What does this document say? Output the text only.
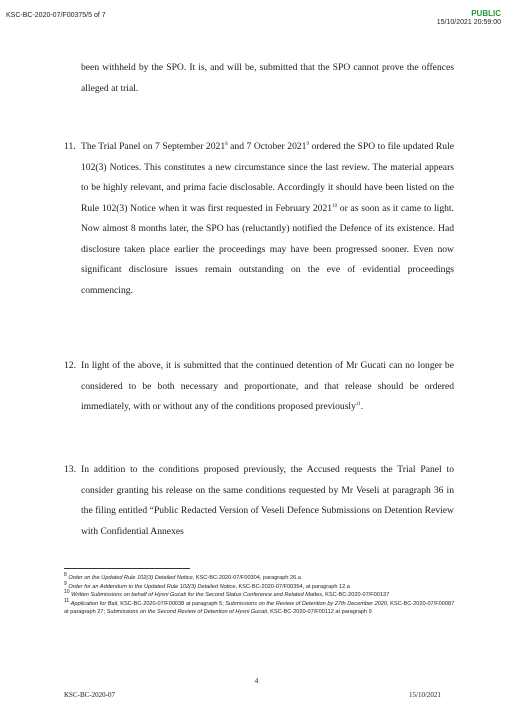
KSC-BC-2020-07/F00375/5 of 7	PUBLIC
15/10/2021 20:59:00
been withheld by the SPO. It is, and will be, submitted that the SPO cannot prove the offences alleged at trial.
11. The Trial Panel on 7 September 2021$^8$ and 7 October 2021$^9$ ordered the SPO to file updated Rule 102(3) Notices. This constitutes a new circumstance since the last review. The material appears to be highly relevant, and prima facie disclosable. Accordingly it should have been listed on the Rule 102(3) Notice when it was first requested in February 2021$^{10}$ or as soon as it came to light. Now almost 8 months later, the SPO has (reluctantly) notified the Defence of its existence. Had disclosure taken place earlier the proceedings may have been progressed sooner. Even now significant disclosure issues remain outstanding on the eve of evidential proceedings commencing.
12. In light of the above, it is submitted that the continued detention of Mr Gucati can no longer be considered to be both necessary and proportionate, and that release should be ordered immediately, with or without any of the conditions proposed previously$^{11}$.
13. In addition to the conditions proposed previously, the Accused requests the Trial Panel to consider granting his release on the same conditions requested by Mr Veseli at paragraph 36 in the filing entitled “Public Redacted Version of Veseli Defence Submissions on Detention Review with Confidential Annexes

$^8$ Order on the Updated Rule 102(3) Detailed Notice, KSC-BC-2020-07/F00304, paragraph 26.a

$^9$ Order for an Addendum to the Updated Rule 102(3) Detailed Notice, KSC-BC-2020-07/F00354, at paragraph 12.a

$^{10}$ Written Submissions on behalf of Hysni Gucati for the Second Status Conference and Related Mattes, KSC-BC-2020-07/F00137

$^{11}$ Application for Bail, KSC-BC-2020-07/F00038 at paragraph 5; Submissions on the Review of Detention by 27th December 2020, KSC-BC-2020-07/F00087 at paragraph 27; Submissions on the Second Review of Detention of Hysni Gucati, KSC-BC-2020-07/F00112 at paragraph 9

4
KSC-BC-2020-07	15/10/2021
